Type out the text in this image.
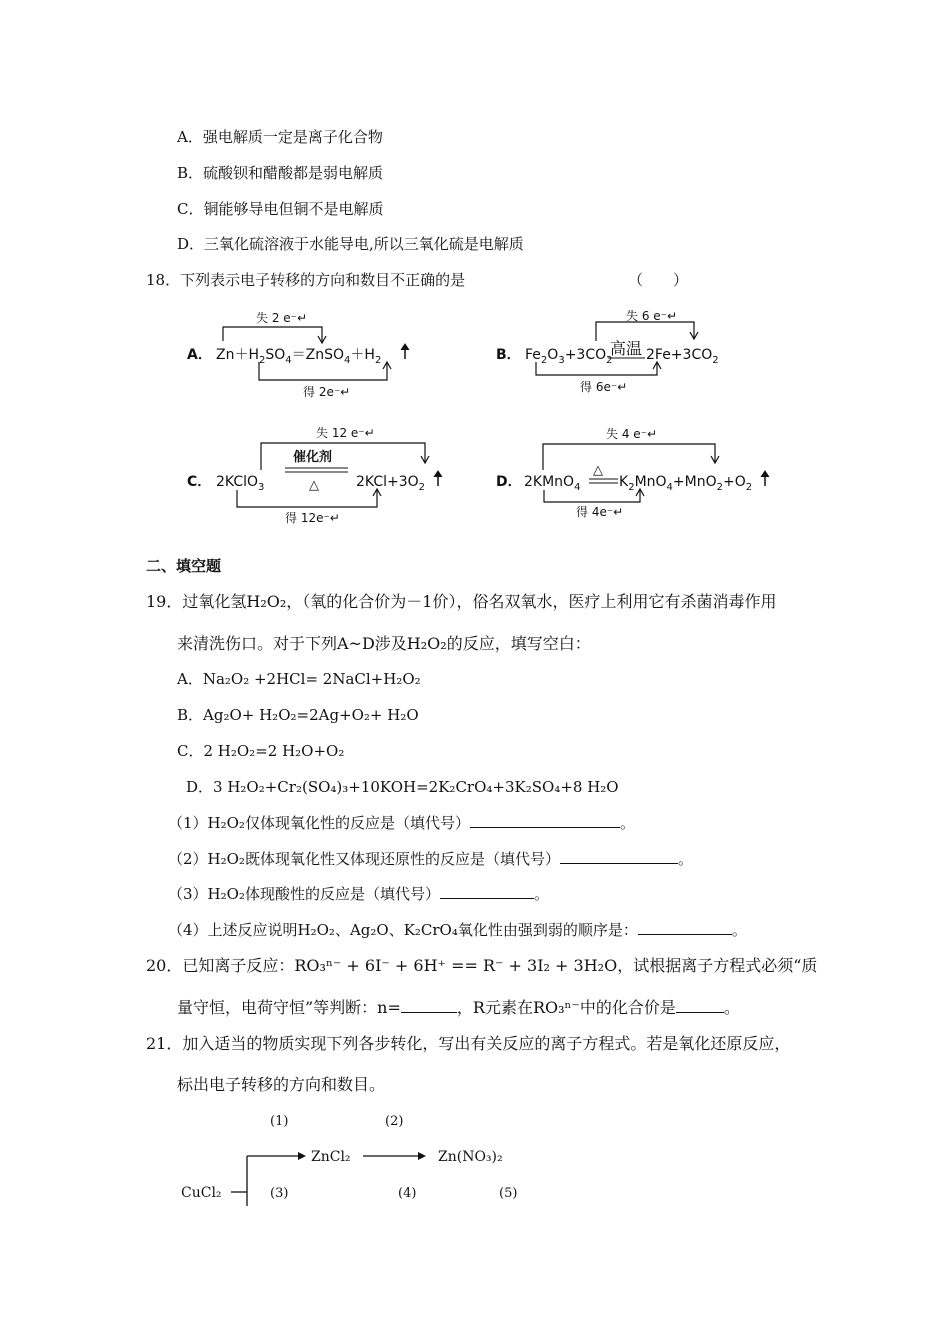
A．强电解质一定是离子化合物
B．硫酸钡和醋酸都是弱电解质
C．铜能够导电但铜不是电解质
D．三氧化硫溶液于水能导电,所以三氧化硫是电解质
18．下列表示电子转移的方向和数目不正确的是	（　　）
失 2 e⁻↵
A． $Zn+H_2SO_4=ZnSO_4+H_2$
得 2e⁻↵
失 6 e⁻↵
B． $Fe_2O_3+3CO_2$
高温 $2Fe+3CO_2$
得 6e⁻↵
失 12 e⁻↵
C． 2KClO$_3$
催化剂
△	$2KCl+3O_2$
得 12e⁻↵
失 4 e⁻↵
D． 2KMnO$_4$
△
$K_2MnO_4+MnO_2+O_2$
得 4e⁻↵
二、填空题
19．过氧化氢H₂O₂，（氧的化合价为－1价），俗名双氧水，医疗上利用它有杀菌消毒作用
来清洗伤口。对于下列A~D涉及H₂O₂的反应，填写空白：
A．Na₂O₂ +2HCl= 2NaCl+H₂O₂
B．Ag₂O+ H₂O₂=2Ag+O₂+ H₂O
C．2 H₂O₂=2 H₂O+O₂
D．3 H₂O₂+Cr₂(SO₄)₃+10KOH=2K₂CrO₄+3K₂SO₄+8 H₂O
（1）H₂O₂仅体现氧化性的反应是（填代号）	。
（2）H₂O₂既体现氧化性又体现还原性的反应是（填代号）	。
（3）H₂O₂体现酸性的反应是（填代号）	。
（4）上述反应说明H₂O₂、Ag₂O、K₂CrO₄氧化性由强到弱的顺序是：	。
20．已知离子反应：RO₃ⁿ⁻ + 6I⁻ + 6H⁺ == R⁻ + 3I₂ + 3H₂O，试根据离子方程式必须“质
量守恒，电荷守恒”等判断：n=	，R元素在RO₃ⁿ⁻中的化合价是	。
21．加入适当的物质实现下列各步转化，写出有关反应的离子方程式。若是氧化还原反应，
标出电子转移的方向和数目。
(1)	(2)
ZnCl₂	Zn(NO₃)₂
CuCl₂	(3)	(4)	(5)
